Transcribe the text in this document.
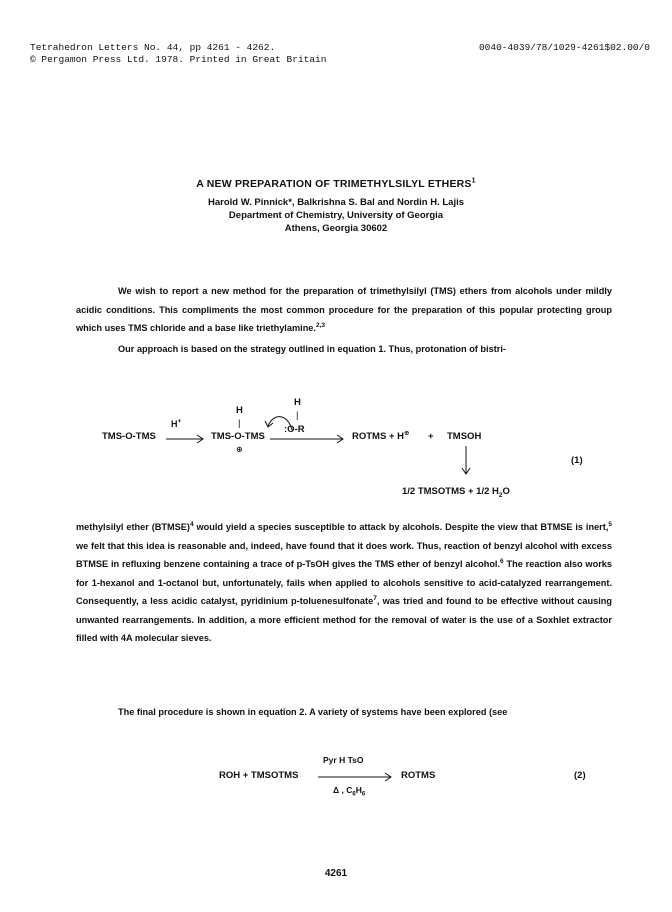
Tetrahedron Letters No. 44, pp 4261 - 4262.	0040-4039/78/1029-4261$02.00/0
© Pergamon Press Ltd. 1978. Printed in Great Britain
A NEW PREPARATION OF TRIMETHYLSILYL ETHERS$^1$
Harold W. Pinnick*, Balkrishna S. Bal and Nordin H. Lajis
Department of Chemistry, University of Georgia
Athens, Georgia 30602

We wish to report a new method for the preparation of trimethylsilyl (TMS) ethers from alcohols under mildly acidic conditions. This compliments the most common procedure for the preparation of this popular protecting group which uses TMS chloride and a base like triethylamine.$^{2,3}$

Our approach is based on the strategy outlined in equation 1. Thus, protonation of bistri-

TMS-O-TMS
H+
H
|
TMS-O-TMS
⊕
H
|
:O-R
ROTMS + H⊕ + TMSOH
(1)
1/2 TMSOTMS + 1/2 $H_2O$

methylsilyl ether (BTMSE)$^4$ would yield a species susceptible to attack by alcohols. Despite the view that BTMSE is inert,$^5$ we felt that this idea is reasonable and, indeed, have found that it does work. Thus, reaction of benzyl alcohol with excess BTMSE in refluxing benzene containing a trace of p-TsOH gives the TMS ether of benzyl alcohol.$^6$ The reaction also works for 1-hexanol and 1-octanol but, unfortunately, fails when applied to alcohols sensitive to acid-catalyzed rearrangement. Consequently, a less acidic catalyst, pyridinium p-toluenesulfonate$^7$, was tried and found to be effective without causing unwanted rearrangements. In addition, a more efficient method for the removal of water is the use of a Soxhlet extractor filled with 4A molecular sieves.

The final procedure is shown in equation 2. A variety of systems have been explored (see

ROH + TMSOTMS
Pyr H TsO
Δ , $C_6H_6$
ROTMS	(2)
4261
